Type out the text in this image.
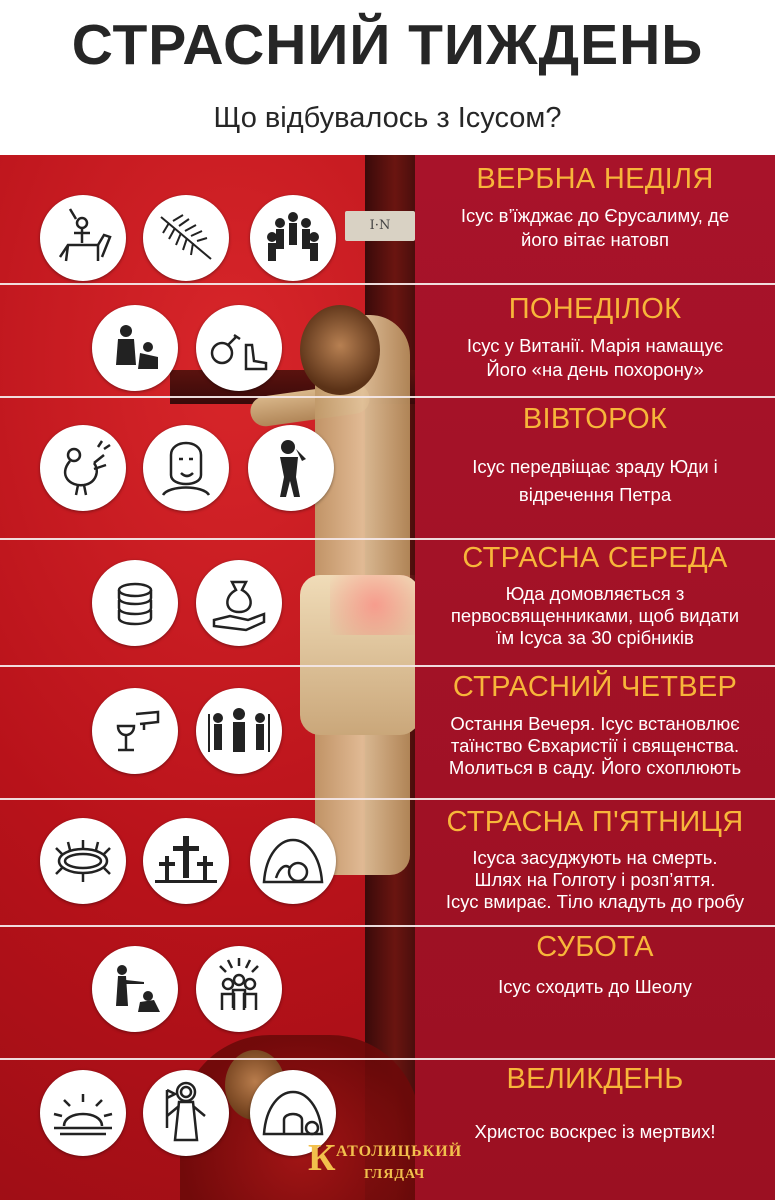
СТРАСНИЙ ТИЖДЕНЬ
Що відбувалось з Ісусом?
I·N
ВЕРБНА НЕДІЛЯ
Ісус в’їжджає до Єрусалиму, де
його вітає натовп
ПОНЕДІЛОК
Ісус у Витанії. Марія намащує
Його «на день похорону»
ВІВТОРОК
Ісус передвіщає зраду Юди і
відречення Петра
СТРАСНА СЕРЕДА
Юда домовляється з
первосвященниками, щоб видати
їм Ісуса за 30 срібників
СТРАСНИЙ ЧЕТВЕР
Остання Вечеря. Ісус встановлює
таїнство Євхаристії і священства.
Молиться в саду. Його схоплюють
СТРАСНА П'ЯТНИЦЯ
Ісуса засуджують на смерть.
Шлях на Голготу і розп’яття.
Ісус вмирає. Тіло кладуть до гробу
СУБОТА
Ісус сходить до Шеолу
ВЕЛИКДЕНЬ
Христос воскрес із мертвих!
К АТОЛИЦЬКИЙ
ГЛЯДАЧ
